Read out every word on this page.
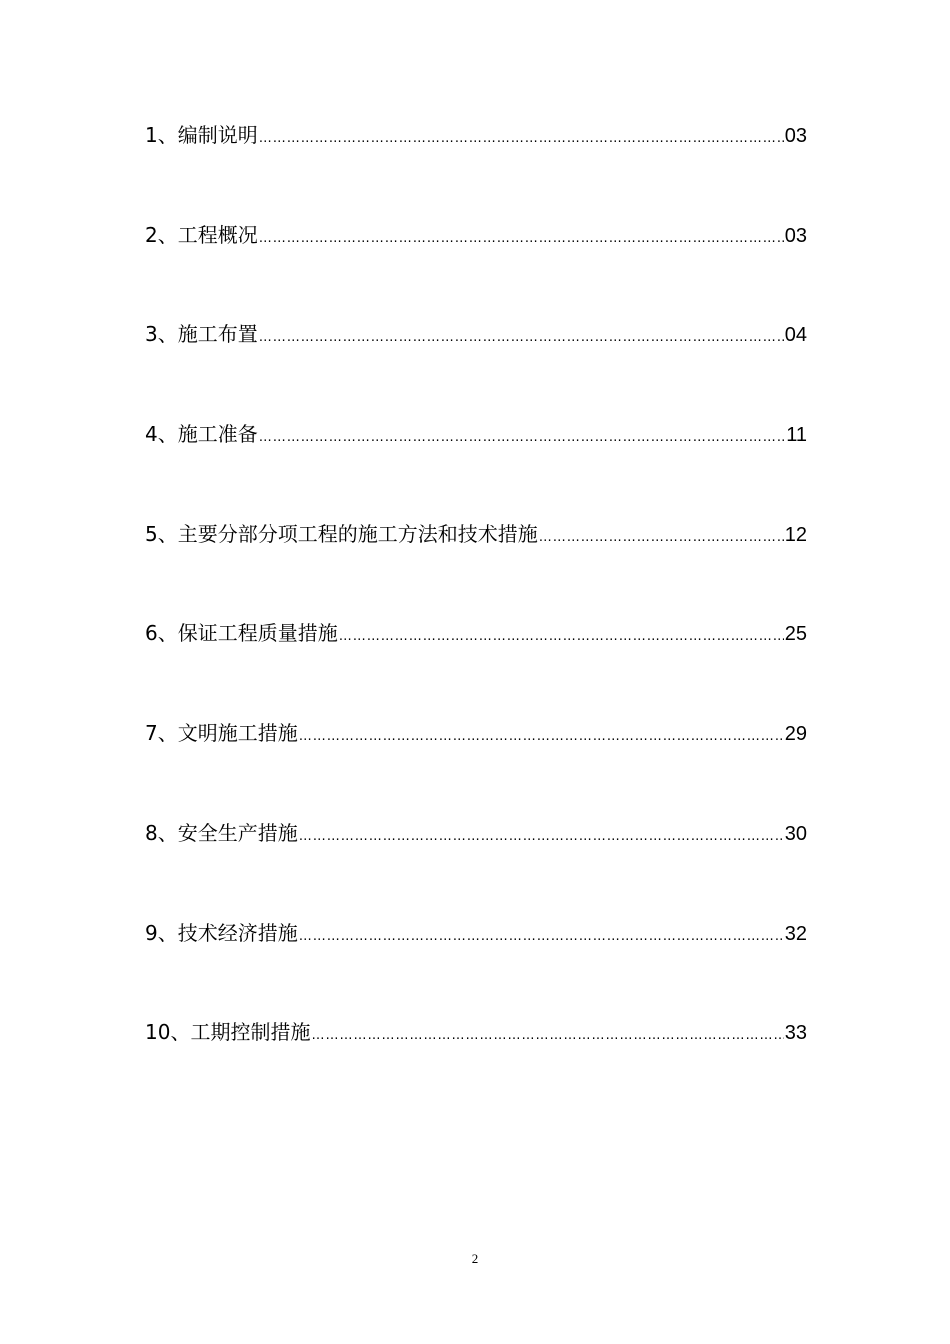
1、编制说明 ………………………………………………………………………………………………………………………………………………………………………………………	03
2、工程概况 ………………………………………………………………………………………………………………………………………………………………………………………	03
3、施工布置 ………………………………………………………………………………………………………………………………………………………………………………………	04
4、施工准备 ………………………………………………………………………………………………………………………………………………………………………………………	11
5、主要分部分项工程的施工方法和技术措施 ………………………………………………………………………………………………………………………………………………………………………………………	12
6、保证工程质量措施 ………………………………………………………………………………………………………………………………………………………………………………………	25
7、文明施工措施 ………………………………………………………………………………………………………………………………………………………………………………………	29
8、安全生产措施 ………………………………………………………………………………………………………………………………………………………………………………………	30
9、技术经济措施 ………………………………………………………………………………………………………………………………………………………………………………………	32
10、工期控制措施 ………………………………………………………………………………………………………………………………………………………………………………………	33
2
